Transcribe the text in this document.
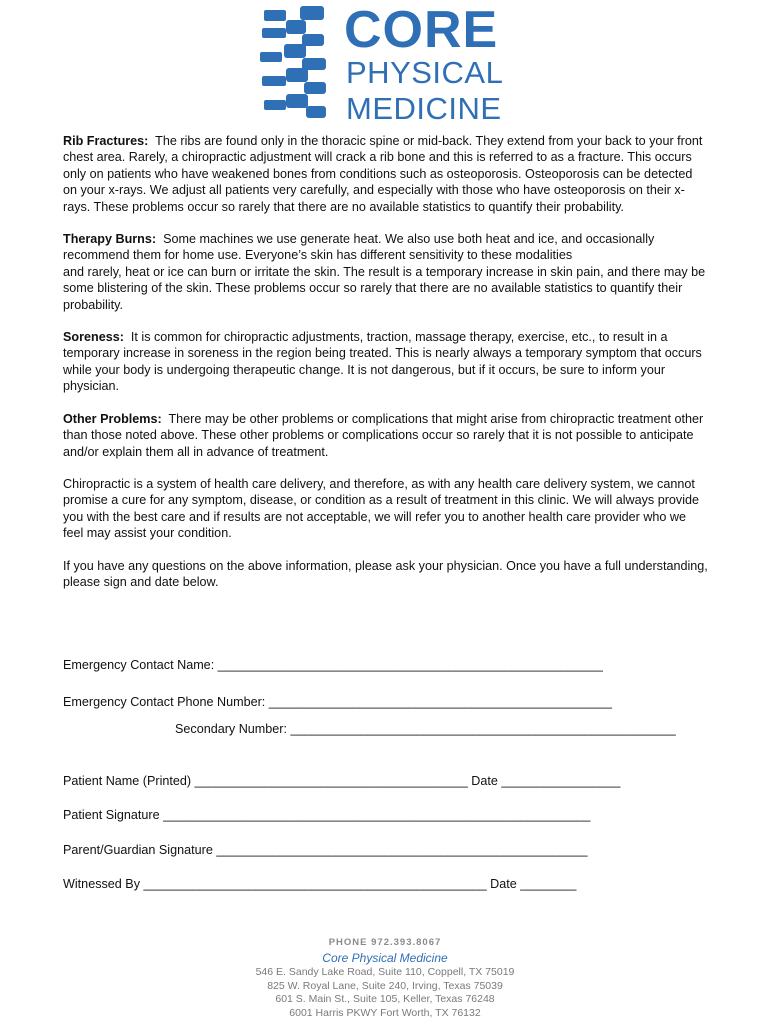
CORE
PHYSICAL
MEDICINE

Rib Fractures: The ribs are found only in the thoracic spine or mid-back. They extend from your back to your front chest area. Rarely, a chiropractic adjustment will crack a rib bone and this is referred to as a fracture. This occurs only on patients who have weakened bones from conditions such as osteoporosis. Osteoporosis can be detected on your x-rays. We adjust all patients very carefully, and especially with those who have osteoporosis on their x-rays. These problems occur so rarely that there are no available statistics to quantify their probability.

Therapy Burns: Some machines we use generate heat. We also use both heat and ice, and occasionally recommend them for home use. Everyone’s skin has different sensitivity to these modalities
and rarely, heat or ice can burn or irritate the skin. The result is a temporary increase in skin pain, and there may be some blistering of the skin. These problems occur so rarely that there are no available statistics to quantify their probability.

Soreness: It is common for chiropractic adjustments, traction, massage therapy, exercise, etc., to result in a temporary increase in soreness in the region being treated. This is nearly always a temporary symptom that occurs while your body is undergoing therapeutic change. It is not dangerous, but if it occurs, be sure to inform your physician.

Other Problems: There may be other problems or complications that might arise from chiropractic treatment other than those noted above. These other problems or complications occur so rarely that it is not possible to anticipate and/or explain them all in advance of treatment.

Chiropractic is a system of health care delivery, and therefore, as with any health care delivery system, we cannot promise a cure for any symptom, disease, or condition as a result of treatment in this clinic. We will always provide you with the best care and if results are not acceptable, we will refer you to another health care provider who we feel may assist your condition.

If you have any questions on the above information, please ask your physician. Once you have a full understanding, please sign and date below.

Emergency Contact Name: _______________________________________________________
Emergency Contact Phone Number: _________________________________________________
Secondary Number: _______________________________________________________
Patient Name (Printed) _______________________________________ Date _________________
Patient Signature _____________________________________________________________
Parent/Guardian Signature _____________________________________________________
Witnessed By _________________________________________________ Date ________
PHONE 972.393.8067
Core Physical Medicine
546 E. Sandy Lake Road, Suite 110, Coppell, TX 75019
825 W. Royal Lane, Suite 240, Irving, Texas 75039
601 S. Main St., Suite 105, Keller, Texas 76248
6001 Harris PKWY Fort Worth, TX 76132
